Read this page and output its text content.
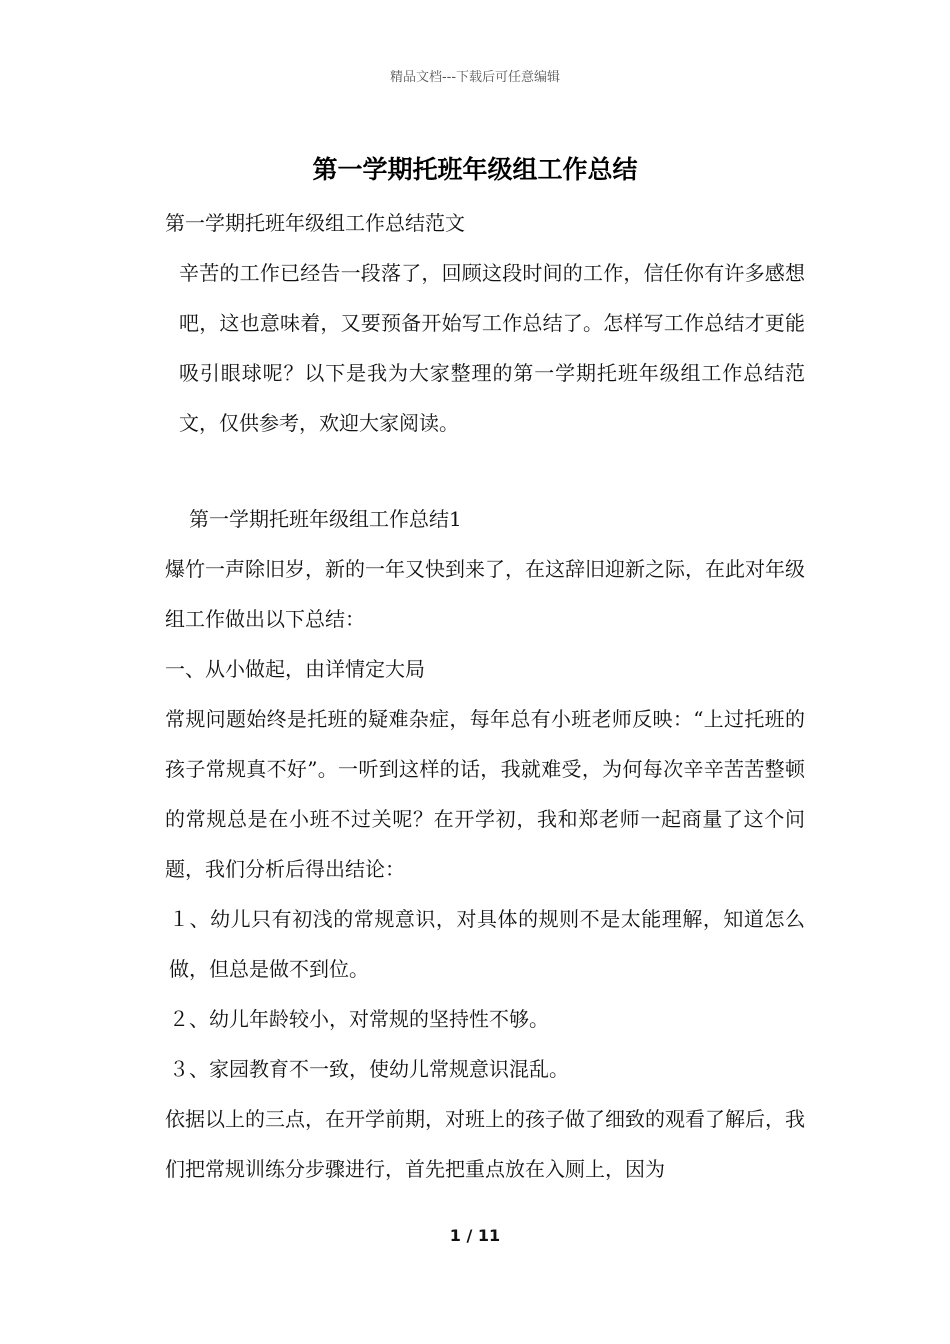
精品文档---下载后可任意编辑
第一学期托班年级组工作总结

第一学期托班年级组工作总结范文

辛苦的工作已经告一段落了，回顾这段时间的工作，信任你有许多感想吧，这也意味着，又要预备开始写工作总结了。怎样写工作总结才更能吸引眼球呢？以下是我为大家整理的第一学期托班年级组工作总结范文，仅供参考，欢迎大家阅读。

第一学期托班年级组工作总结1

爆竹一声除旧岁，新的一年又快到来了，在这辞旧迎新之际，在此对年级组工作做出以下总结：

一、从小做起，由详情定大局

常规问题始终是托班的疑难杂症，每年总有小班老师反映：“上过托班的孩子常规真不好”。一听到这样的话，我就难受，为何每次辛辛苦苦整顿的常规总是在小班不过关呢？在开学初，我和郑老师一起商量了这个问题，我们分析后得出结论：

１、幼儿只有初浅的常规意识，对具体的规则不是太能理解，知道怎么做，但总是做不到位。

２、幼儿年龄较小，对常规的坚持性不够。

３、家园教育不一致，使幼儿常规意识混乱。

依据以上的三点，在开学前期，对班上的孩子做了细致的观看了解后，我们把常规训练分步骤进行，首先把重点放在入厕上，因为

1 / 11
